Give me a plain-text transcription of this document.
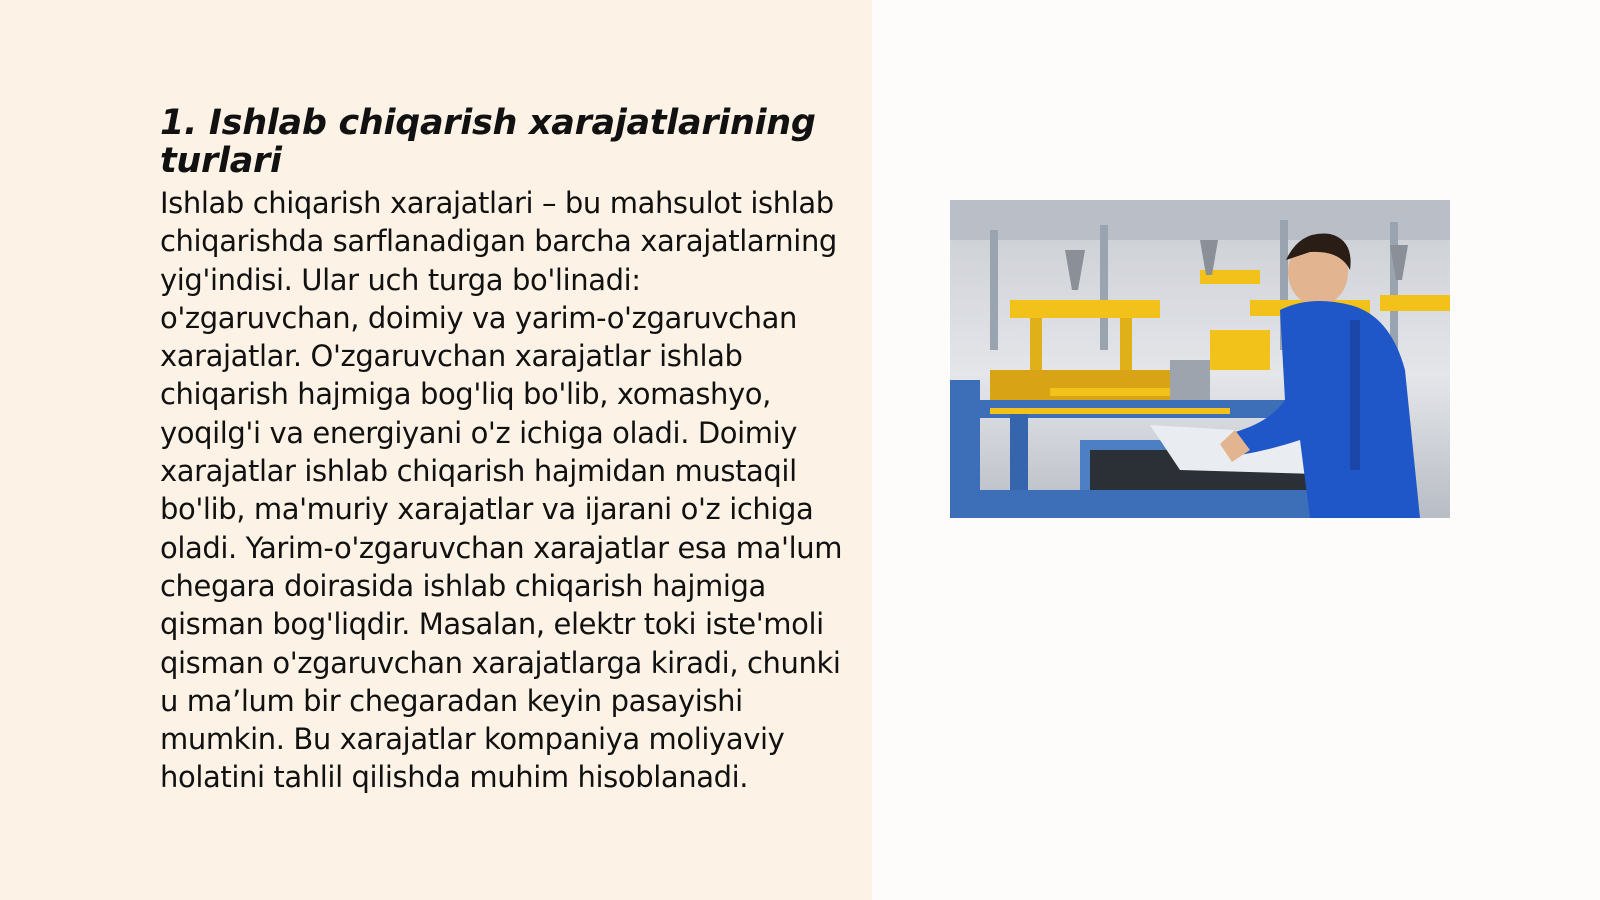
1. Ishlab chiqarish xarajatlarining turlari

Ishlab chiqarish xarajatlari – bu mahsulot ishlab chiqarishda sarflanadigan barcha xarajatlarning yig'indisi. Ular uch turga bo'linadi: o'zgaruvchan, doimiy va yarim-o'zgaruvchan xarajatlar. O'zgaruvchan xarajatlar ishlab chiqarish hajmiga bog'liq bo'lib, xomashyo, yoqilg'i va energiyani o'z ichiga oladi. Doimiy xarajatlar ishlab chiqarish hajmidan mustaqil bo'lib, ma'muriy xarajatlar va ijarani o'z ichiga oladi. Yarim-o'zgaruvchan xarajatlar esa ma'lum chegara doirasida ishlab chiqarish hajmiga qisman bog'liqdir. Masalan, elektr toki iste'moli qisman o'zgaruvchan xarajatlarga kiradi, chunki u ma’lum bir chegaradan keyin pasayishi mumkin. Bu xarajatlar kompaniya moliyaviy holatini tahlil qilishda muhim hisoblanadi.
